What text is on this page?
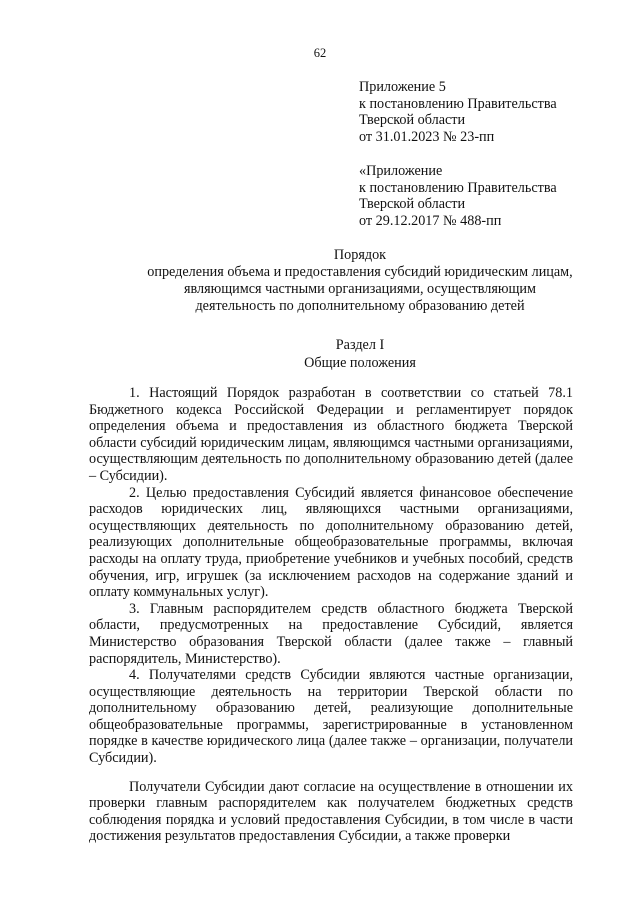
62
Приложение 5
к постановлению Правительства
Тверской области
от 31.01.2023 № 23-пп
«Приложение
к постановлению Правительства
Тверской области
от 29.12.2017 № 488-пп
Порядок
определения объема и предоставления субсидий юридическим лицам,
являющимся частными организациями, осуществляющим
деятельность по дополнительному образованию детей
Раздел I
Общие положения

1. Настоящий Порядок разработан в соответствии со статьей 78.1 Бюджетного кодекса Российской Федерации и регламентирует порядок определения объема и предоставления из областного бюджета Тверской области субсидий юридическим лицам, являющимся частными организациями, осуществляющим деятельность по дополнительному образованию детей (далее – Субсидии).

2. Целью предоставления Субсидий является финансовое обеспечение расходов юридических лиц, являющихся частными организациями, осуществляющих деятельность по дополнительному образованию детей, реализующих дополнительные общеобразовательные программы, включая расходы на оплату труда, приобретение учебников и учебных пособий, средств обучения, игр, игрушек (за исключением расходов на содержание зданий и оплату коммунальных услуг).

3. Главным распорядителем средств областного бюджета Тверской области, предусмотренных на предоставление Субсидий, является Министерство образования Тверской области (далее также – главный распорядитель, Министерство).

4. Получателями средств Субсидии являются частные организации, осуществляющие деятельность на территории Тверской области по дополнительному образованию детей, реализующие дополнительные общеобразовательные программы, зарегистрированные в установленном порядке в качестве юридического лица (далее также – организации, получатели Субсидии).

Получатели Субсидии дают согласие на осуществление в отношении их проверки главным распорядителем как получателем бюджетных средств соблюдения порядка и условий предоставления Субсидии, в том числе в части достижения результатов предоставления Субсидии, а также проверки
